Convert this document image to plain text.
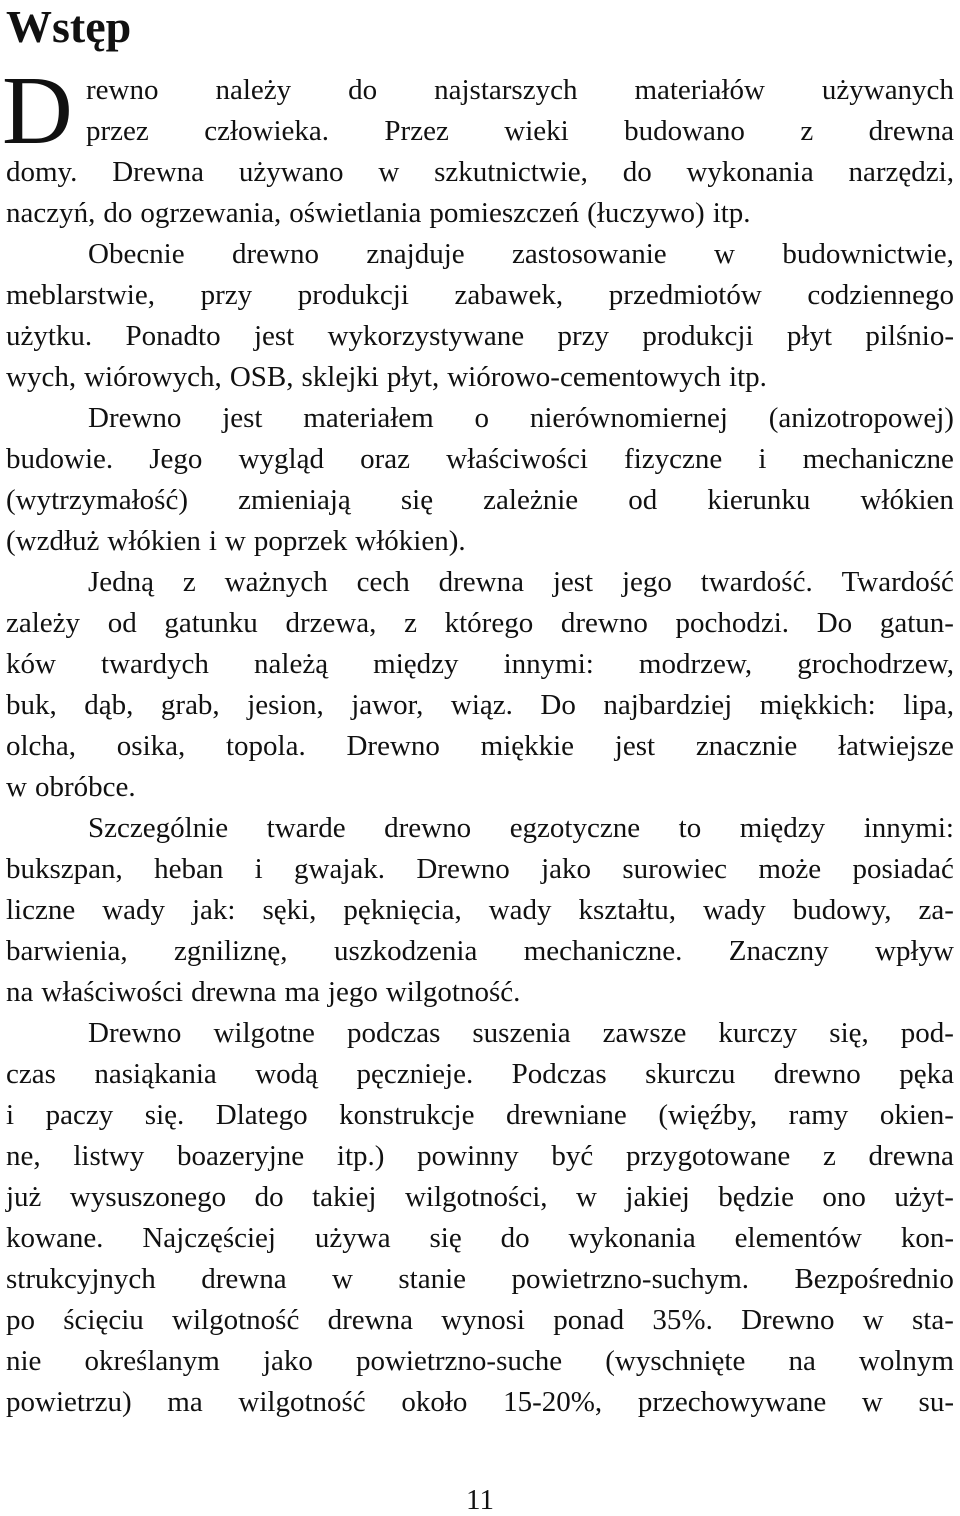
Wstęp
D rewno należy do najstarszych materiałów używanych
przez człowieka. Przez wieki budowano z drewna
domy. Drewna używano w szkutnictwie, do wykonania narzędzi,
naczyń, do ogrzewania, oświetlania pomieszczeń (łuczywo) itp.
Obecnie drewno znajduje zastosowanie w budownictwie,
meblarstwie, przy produkcji zabawek, przedmiotów codziennego
użytku. Ponadto jest wykorzystywane przy produkcji płyt pilśnio-
wych, wiórowych, OSB, sklejki płyt, wiórowo-cementowych itp.
Drewno jest materiałem o nierównomiernej (anizotropowej)
budowie. Jego wygląd oraz właściwości fizyczne i mechaniczne
(wytrzymałość) zmieniają się zależnie od kierunku włókien
(wzdłuż włókien i w poprzek włókien).
Jedną z ważnych cech drewna jest jego twardość. Twardość
zależy od gatunku drzewa, z którego drewno pochodzi. Do gatun-
ków twardych należą między innymi: modrzew, grochodrzew,
buk, dąb, grab, jesion, jawor, wiąz. Do najbardziej miękkich: lipa,
olcha, osika, topola. Drewno miękkie jest znacznie łatwiejsze
w obróbce.
Szczególnie twarde drewno egzotyczne to między innymi:
bukszpan, heban i gwajak. Drewno jako surowiec może posiadać
liczne wady jak: sęki, pęknięcia, wady kształtu, wady budowy, za-
barwienia, zgniliznę, uszkodzenia mechaniczne. Znaczny wpływ
na właściwości drewna ma jego wilgotność.
Drewno wilgotne podczas suszenia zawsze kurczy się, pod-
czas nasiąkania wodą pęcznieje. Podczas skurczu drewno pęka
i paczy się. Dlatego konstrukcje drewniane (więźby, ramy okien-
ne, listwy boazeryjne itp.) powinny być przygotowane z drewna
już wysuszonego do takiej wilgotności, w jakiej będzie ono użyt-
kowane. Najczęściej używa się do wykonania elementów kon-
strukcyjnych drewna w stanie powietrzno-suchym. Bezpośrednio
po ścięciu wilgotność drewna wynosi ponad 35%. Drewno w sta-
nie określanym jako powietrzno-suche (wyschnięte na wolnym
powietrzu) ma wilgotność około 15-20%, przechowywane w su-
11
